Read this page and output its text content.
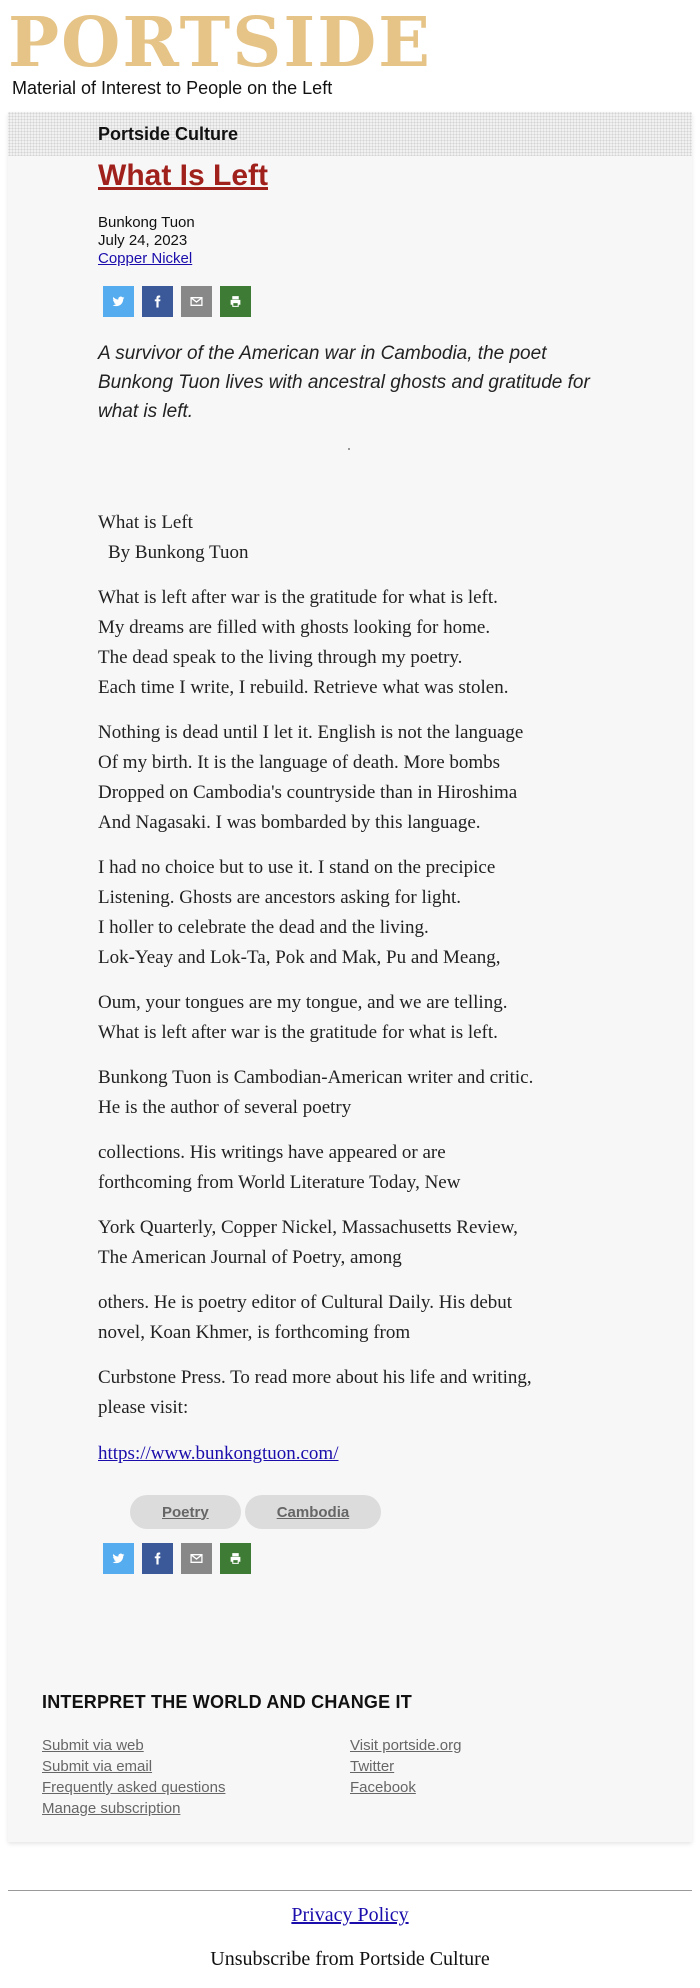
PORTSIDE
Material of Interest to People on the Left
Portside Culture
What Is Left
Bunkong Tuon
July 24, 2023
Copper Nickel
A survivor of the American war in Cambodia, the poet Bunkong Tuon lives with ancestral ghosts and gratitude for what is left.
What is Left
By Bunkong Tuon
What is left after war is the gratitude for what is left.
My dreams are filled with ghosts looking for home.
The dead speak to the living through my poetry.
Each time I write, I rebuild. Retrieve what was stolen.
Nothing is dead until I let it. English is not the language
Of my birth. It is the language of death. More bombs
Dropped on Cambodia's countryside than in Hiroshima
And Nagasaki. I was bombarded by this language.
I had no choice but to use it. I stand on the precipice
Listening. Ghosts are ancestors asking for light.
I holler to celebrate the dead and the living.
Lok-Yeay and Lok-Ta, Pok and Mak, Pu and Meang,
Oum, your tongues are my tongue, and we are telling.
What is left after war is the gratitude for what is left.
Bunkong Tuon is Cambodian-American writer and critic.
He is the author of several poetry
collections. His writings have appeared or are
forthcoming from World Literature Today, New
York Quarterly, Copper Nickel, Massachusetts Review,
The American Journal of Poetry, among
others. He is poetry editor of Cultural Daily. His debut
novel, Koan Khmer, is forthcoming from
Curbstone Press. To read more about his life and writing,
please visit:
https://www.bunkongtuon.com/
Poetry	Cambodia
INTERPRET THE WORLD AND CHANGE IT
Submit via web
Submit via email
Frequently asked questions
Manage subscription
Visit portside.org
Twitter
Facebook
Privacy Policy
Unsubscribe from Portside Culture
